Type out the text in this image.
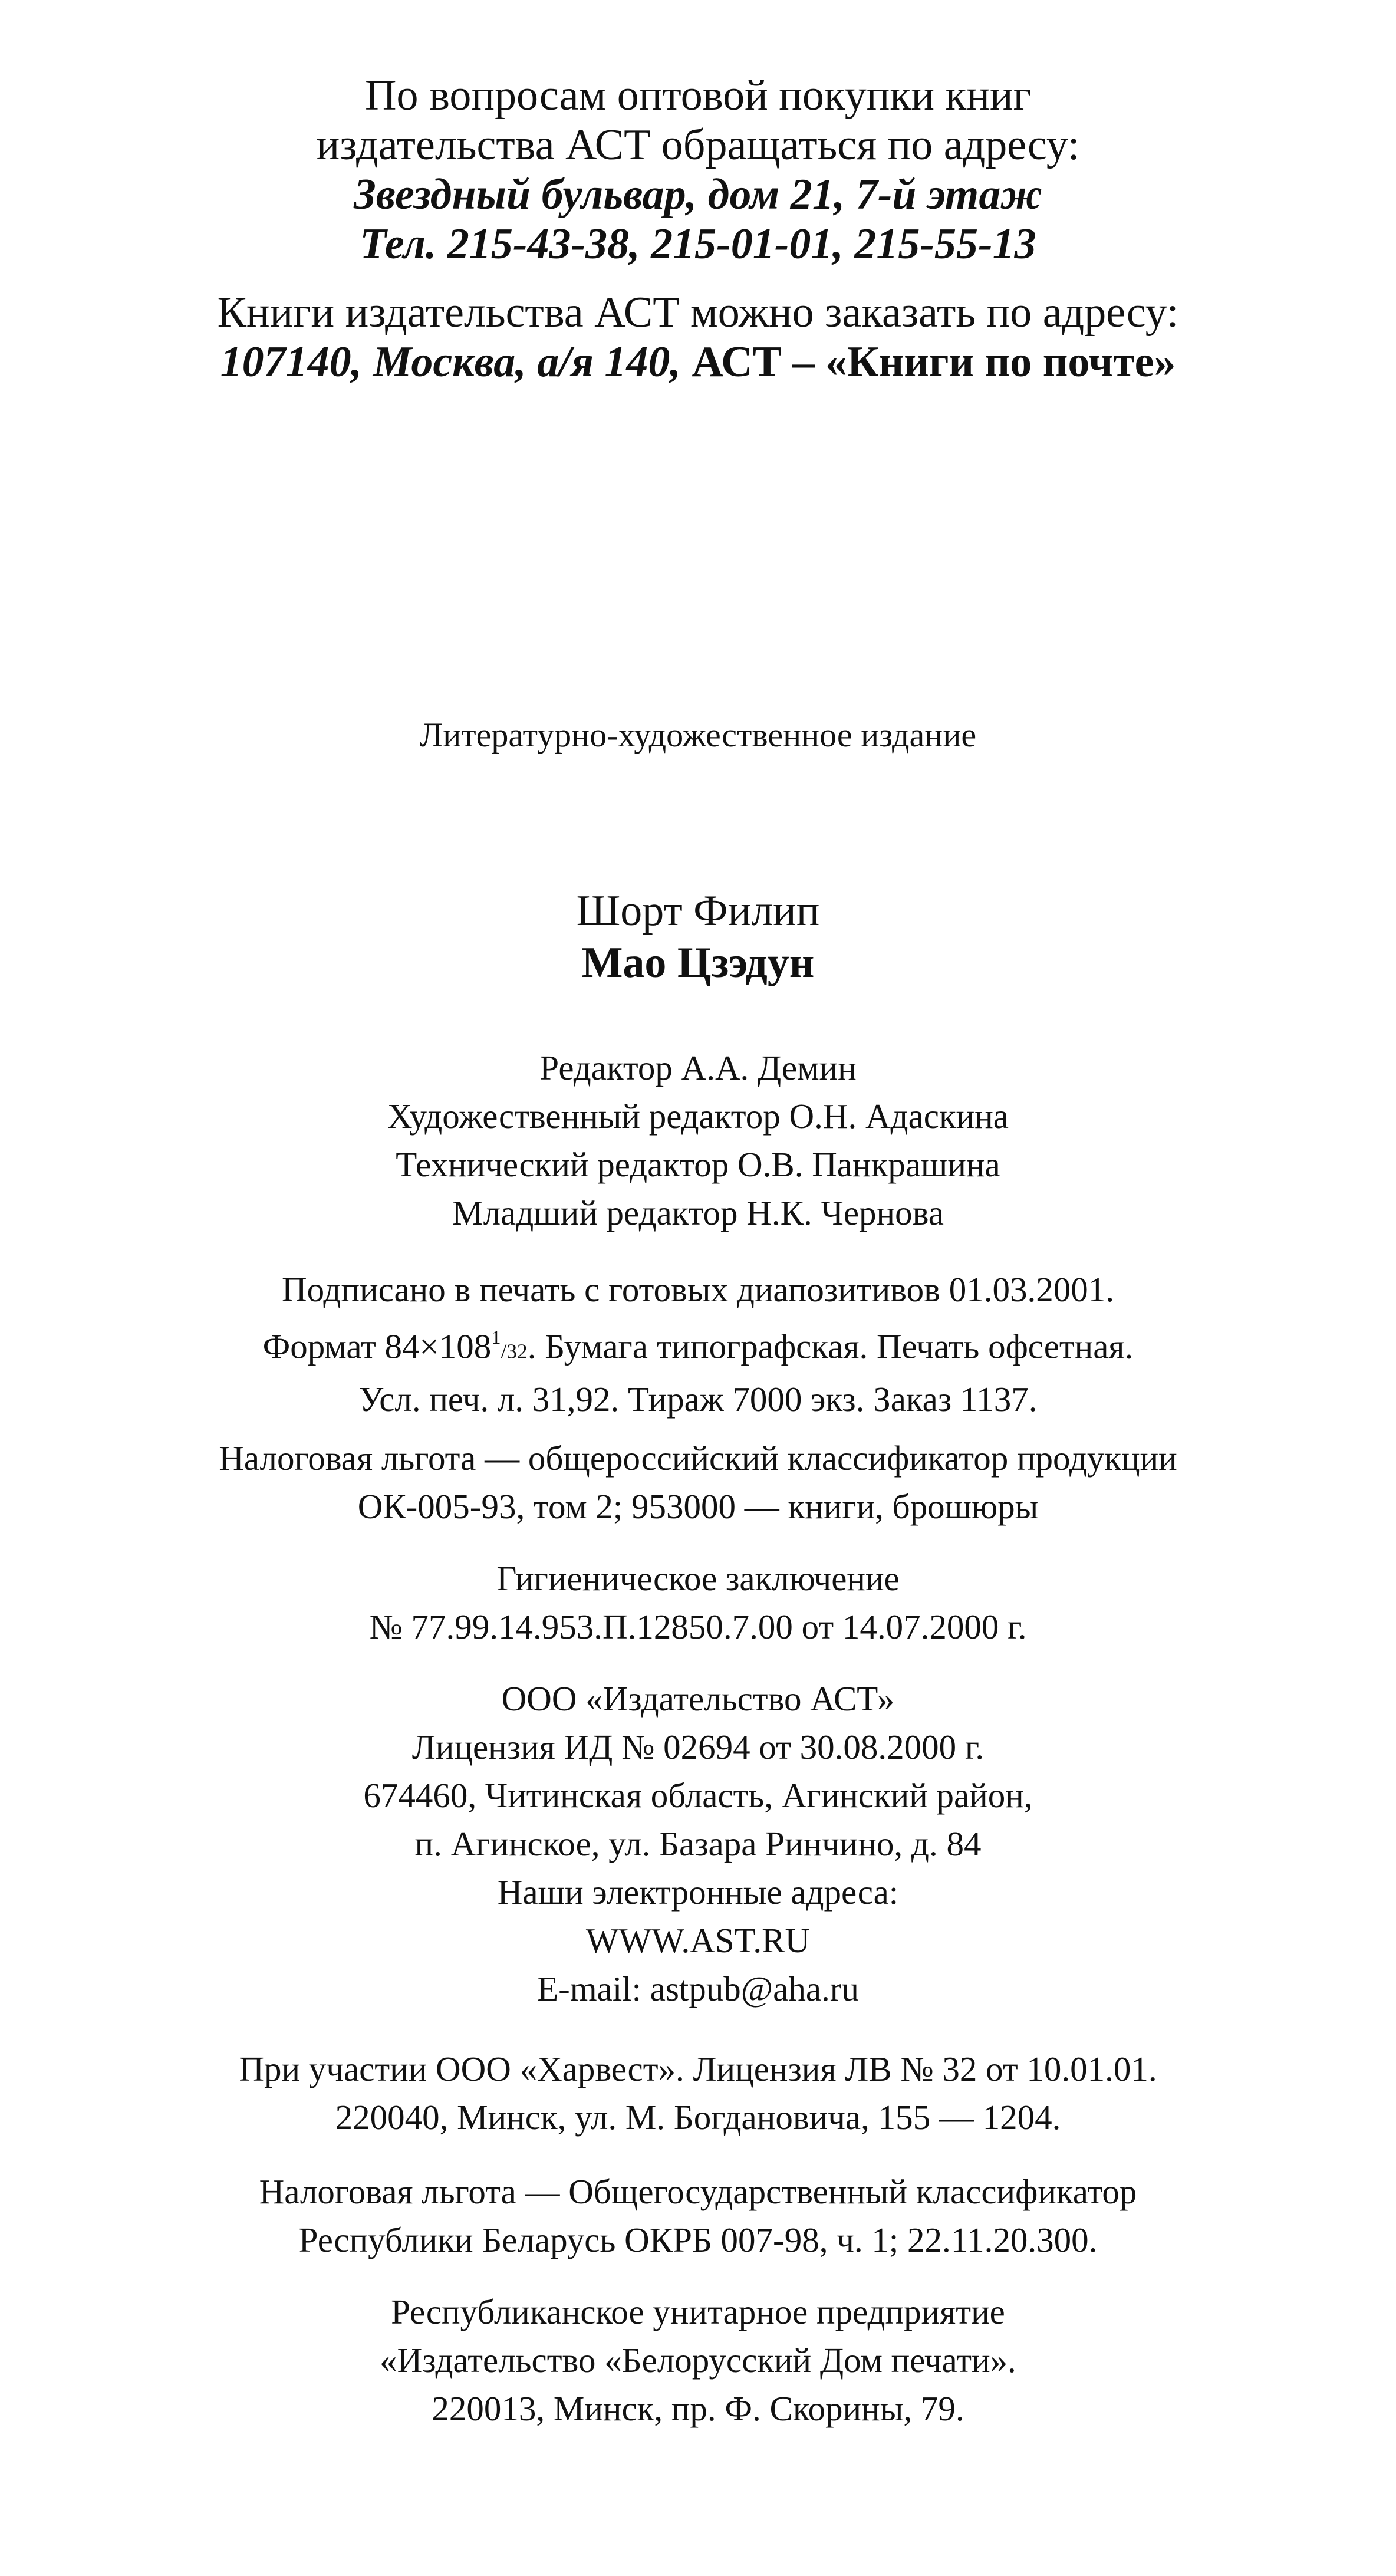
По вопросам оптовой покупки книг
издательства АСТ обращаться по адресу:
Звездный бульвар, дом 21, 7-й этаж
Тел. 215-43-38, 215-01-01, 215-55-13
Книги издательства АСТ можно заказать по адресу:
107140, Москва, а/я 140, АСТ – «Книги по почте»
Литературно-художественное издание
Шорт Филип
Мао Цзэдун
Редактор А.А. Демин
Художественный редактор О.Н. Адаскина
Технический редактор О.В. Панкрашина
Младший редактор Н.К. Чернова
Подписано в печать с готовых диапозитивов 01.03.2001.
Формат $84\times 108^1/32$. Бумага типографская. Печать офсетная.
Усл. печ. л. 31,92. Тираж 7000 экз. Заказ 1137.
Налоговая льгота — общероссийский классификатор продукции
ОК-005-93, том 2; 953000 — книги, брошюры
Гигиеническое заключение
№ 77.99.14.953.П.12850.7.00 от 14.07.2000 г.
ООО «Издательство АСТ»
Лицензия ИД № 02694 от 30.08.2000 г.
674460, Читинская область, Агинский район,
п. Агинское, ул. Базара Ринчино, д. 84
Наши электронные адреса:
WWW.AST.RU
E-mail: astpub@aha.ru
При участии ООО «Харвест». Лицензия ЛВ № 32 от 10.01.01.
220040, Минск, ул. М. Богдановича, 155 — 1204.
Налоговая льгота — Общегосударственный классификатор
Республики Беларусь ОКРБ 007-98, ч. 1; 22.11.20.300.
Республиканское унитарное предприятие
«Издательство «Белорусский Дом печати».
220013, Минск, пр. Ф. Скорины, 79.
